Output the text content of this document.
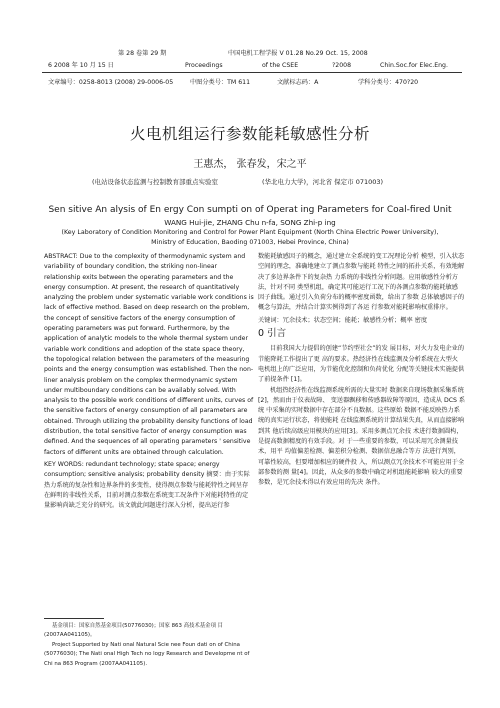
第 28 卷第 29 期	中国电机工程学报 V 01.28 No.29 Oct. 15, 2008
6 2008 年 10 月 15 日	Proceedings	of the CSEE	?2008	Chin.Soc.for Elec.Eng.
文章编号：0258-8013 (2008) 29-0006-05	中图分类号：TM 611	文献标志码：A	学科分类号：470?20
火电机组运行参数能耗敏感性分析
王惠杰， 张春发，宋之平
(电站设备状态监测与控制教育部重点实验室	(华北电力大学)，河北省 保定市 071003)
Sen sitive An alysis of En ergy Con sumpti on of Operat ing Parameters for Coal-fired Unit
WANG Hui-jie, ZHANG Chu n-fa, SONG Zhi-p ing
(Key Laboratory of Condition Monitoring and Control for Power Plant Equipment (North China Electric Power University),
Ministry of Education, Baoding 071003, Hebei Province, China)

ABSTRACT: Due to the complexity of thermodynamic system and variability of boundary condition, the striking non-linear relationship exits between the operating parameters and the energy consumption. At present, the research of quantitatively analyzing the problem under systematic variable work conditions is lack of effective method. Based on deep research on the problem, the concept of sensitive factors of the energy consumption of operating parameters was put forward. Furthermore, by the application of analytic models to the whole thermal system under variable work conditions and adoption of the state space theory, the topological relation between the parameters of the measuring points and the energy consumption was established. Then the non-liner analysis problem on the complex thermodynamic system under multiboundary conditions can be availably solved. With analysis to the possible work conditions of different units, curves of the sensitive factors of energy consumption of all parameters are obtained. Through utilizing the probability density functions of load distribution, the total sensitive factor of energy consumption was defined. And the sequences of all operating parameters ' sensitive factors of different units are obtained through calculation.

KEY WORDS: redundant technology; state space; energy consumption; sensitive analysis; probability density 摘要：由于实际热力系统的复杂性和边界条件的多变性，使得测点参数与能耗特性之间呈存在鲜明的非线性关系，目前对测点参数在系统变工况条件下对能耗特性的定量影响尚缺乏充分的研究。该文就此问题进行深入分析，提出运行参

基金项目：国家自然基金项目(50776030)；国家 863 高技术基金项 目 (2007AA041105)。
Project Supported by Nati onal Natural Scie nee Foun dati on of China (50776030); The Nati onal High Tech no logy Research and Developme nt of Chi na 863 Program (2007AA041105).

数能耗敏感因子的概念，通过建立全系统的变工况理论分析 模型，引入状态空间的理念，准确地建立了测点参数与能耗 特性之间的拓扑关系，有效地解决了多边界条件下的复杂热 力系统的非线性分析问题。应用敏感性分析方法，针对不同 类型机组，确定其可能运行工况下的各测点参数的能耗敏感 因子曲线。通过引入负荷分布的概率密度函数，给出了参数 总体敏感因子的概念与算法，并结合计算实例得到了各运 行参数对能耗影响权重排序。

关键词：冗余技术；状态空间；能耗；敏感性分析；概率 密度

0 引言

目前我国大力提倡的创建“节约型社会”的发 展目标，对火力发电企业的节能降耗工作提出了更 高的要求。热经济性在线监测及分析系统在大型火 电机组上的广泛应用，为节能优化控制和负荷优化 分配等关键技术实施提供了前提条件 [1]。

机组热经济性在线监测系统所需的大量实时 数据来自现场数据采集系统 [2]，然而由于仪表故障、 变送器飘移和传感器故障等原因，造成从 DCS 系统 中采集的实时数据中存在部分不良数据。这些原始 数据不能反映热力系统的真实运行状态，将使能耗 在线监测系统的计算结果失真，从而直接影响到其 他后续高级应用模块的应用[3]。采用多测点冗余技 术进行数据圆构，是提高数据精度的有效手段。对 于一些重要的参数，可以采用冗余测量技术，用平 均值偏差检测、偏差积分检测、数据信息融合等方 法进行判别，可靠性较高，但要增加相应的硬件投 入，所以测点冗余技术不可能应用于全部参数的测 量[4]。因此，从众多的参数中确定对机组能耗影响 较大的重要参数，是冗余技术得以有效应用的先决 条件。
